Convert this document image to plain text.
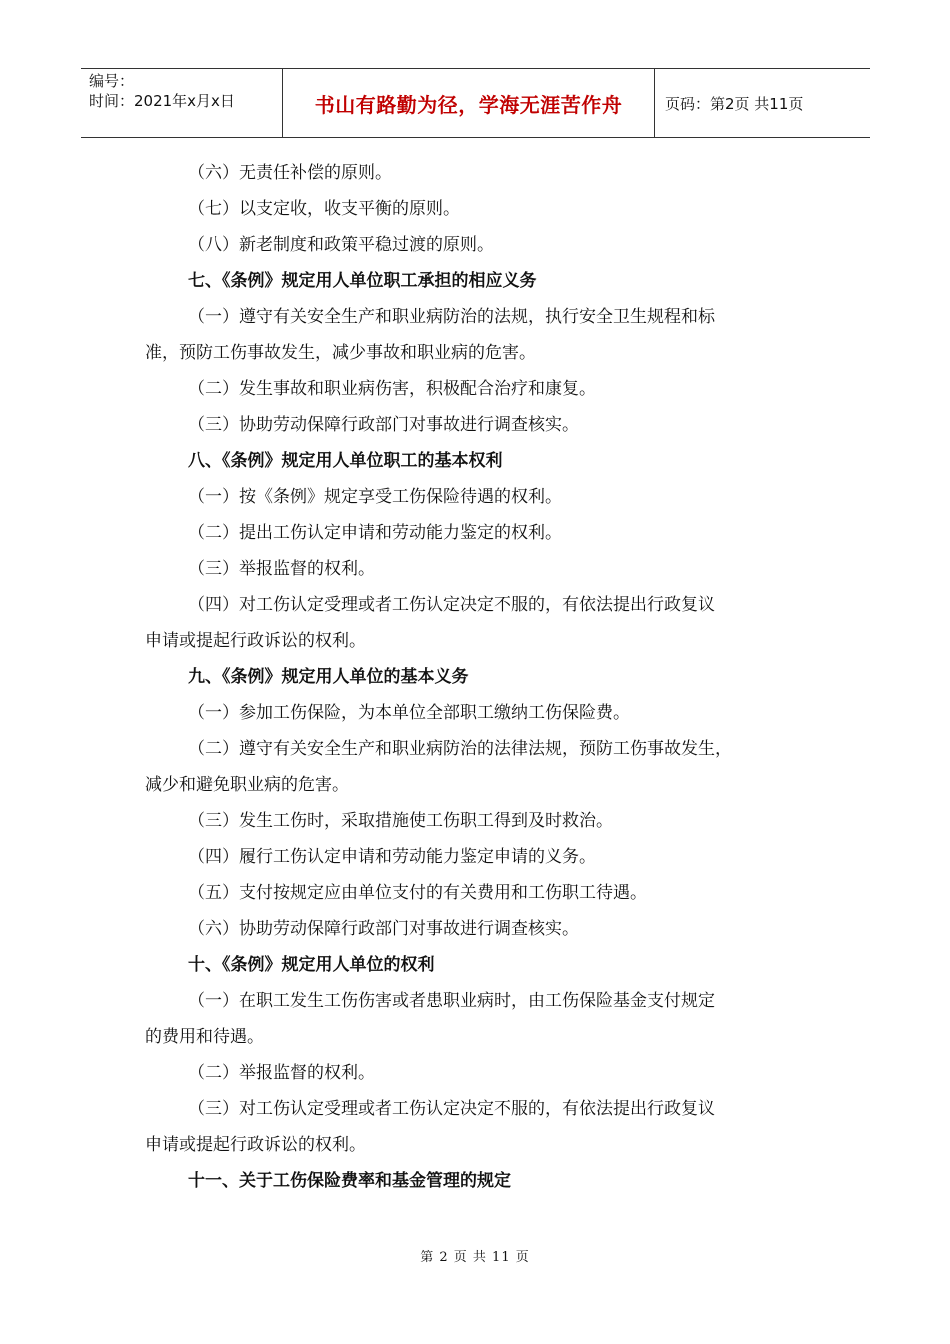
编号：
时间：2021年x月x日	书山有路勤为径，学海无涯苦作舟	页码：第2页 共11页

（六）无责任补偿的原则。

（七）以支定收，收支平衡的原则。

（八）新老制度和政策平稳过渡的原则。

七、《条例》规定用人单位职工承担的相应义务

（一）遵守有关安全生产和职业病防治的法规，执行安全卫生规程和标

准，预防工伤事故发生，减少事故和职业病的危害。

（二）发生事故和职业病伤害，积极配合治疗和康复。

（三）协助劳动保障行政部门对事故进行调查核实。

八、《条例》规定用人单位职工的基本权利

（一）按《条例》规定享受工伤保险待遇的权利。

（二）提出工伤认定申请和劳动能力鉴定的权利。

（三）举报监督的权利。

（四）对工伤认定受理或者工伤认定决定不服的，有依法提出行政复议

申请或提起行政诉讼的权利。

九、《条例》规定用人单位的基本义务

（一）参加工伤保险，为本单位全部职工缴纳工伤保险费。

（二）遵守有关安全生产和职业病防治的法律法规，预防工伤事故发生，

减少和避免职业病的危害。

（三）发生工伤时，采取措施使工伤职工得到及时救治。

（四）履行工伤认定申请和劳动能力鉴定申请的义务。

（五）支付按规定应由单位支付的有关费用和工伤职工待遇。

（六）协助劳动保障行政部门对事故进行调查核实。

十、《条例》规定用人单位的权利

（一）在职工发生工伤伤害或者患职业病时，由工伤保险基金支付规定

的费用和待遇。

（二）举报监督的权利。

（三）对工伤认定受理或者工伤认定决定不服的，有依法提出行政复议

申请或提起行政诉讼的权利。

十一、关于工伤保险费率和基金管理的规定

第 2 页 共 11 页
